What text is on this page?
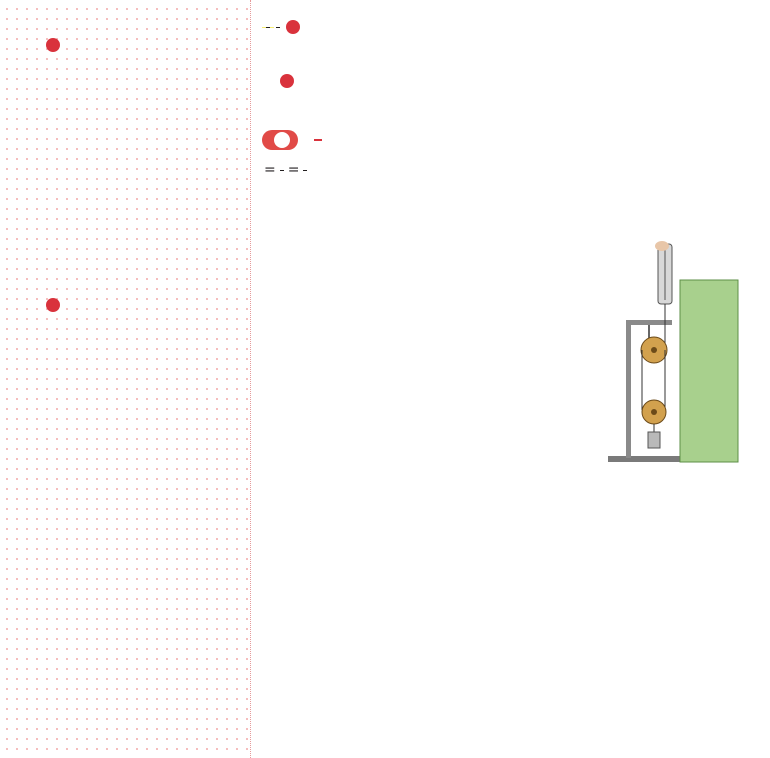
= =
